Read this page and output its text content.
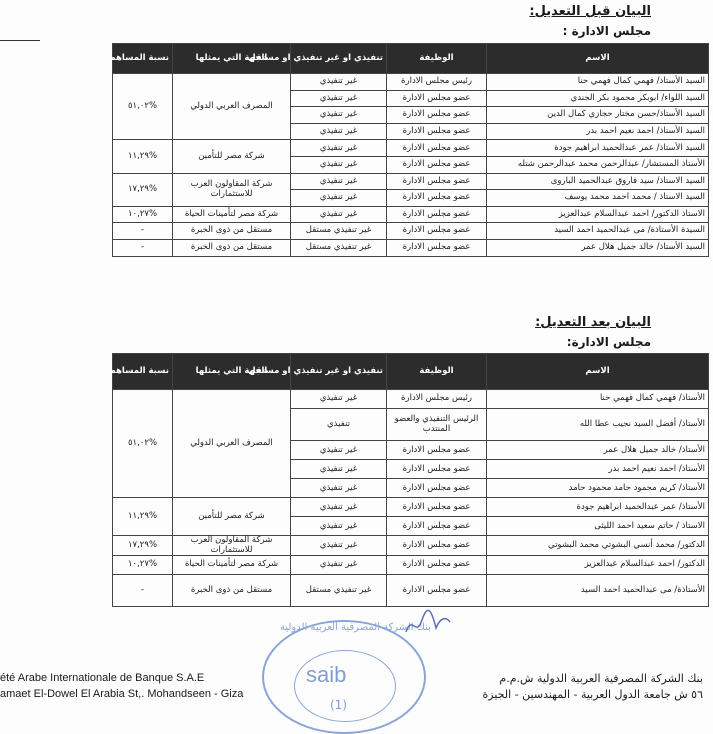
البيان قبل التعديل:
مجلس الادارة :
الاسم	الوظيفة	تنفيذي او غير تنفيذي او مستقل	الجهة التي يمثلها	نسبة المساهمة
السيد الأستاذ/ فهمي كمال فهمي حنا	رئيس مجلس الادارة	غير تنفيذي	المصرف العربي الدولي	%٥١,٠٢
السيد اللواء/ ابوبكر محمود بكر الجندي	عضو مجلس الادارة	غير تنفيذي		
السيد الأستاذ/حسن مختار حجازي كمال الدين	عضو مجلس الادارة	غير تنفيذي		
السيد الأستاذ/ احمد نعيم احمد بدر	عضو مجلس الادارة	غير تنفيذي		
السيد الأستاذ/ عمر عبدالحميد ابراهيم جودة	عضو مجلس الادارة	غير تنفيذي	شركة مصر للتأمين	%١١,٢٩
الأستاذ المستشار/ عبدالرحمن محمد عبدالرحمن شتله	عضو مجلس الادارة	غير تنفيذي		
السيد الاستاذ/ سيد فاروق عبدالحميد الباروى	عضو مجلس الادارة	غير تنفيذي	شركة المقاولون العرب للاستثمارات	%١٧,٢٩
السيد الاستاذ / محمد احمد محمد يوسف	عضو مجلس الادارة	غير تنفيذي		
الاستاذ الدكتور/ احمد عبدالسلام عبدالعزيز	عضو مجلس الادارة	غير تنفيذي	شركة مصر لتأمينات الحياة	%١٠,٢٧
السيدة الأستاذة/ مى عبدالحميد احمد السيد	عضو مجلس الادارة	غير تنفيذي مستقل	مستقل من ذوى الخبرة	-
السيد الأستاذ/ خالد جميل هلال عمر	عضو مجلس الادارة	غير تنفيذي مستقل	مستقل من ذوى الخبرة	-
البيان بعد التعديل:
مجلس الادارة:
الاسم	الوظيفة	تنفيذي او غير تنفيذي او مستقل	الجهة التي يمثلها	نسبة المساهمة
الأستاذ/ فهمي كمال فهمي حنا	رئيس مجلس الادارة	غير تنفيذي	المصرف العربي الدولي	%٥١,٠٢
الأستاذ/ أفضل السيد نجيب عطا الله	الرئيس التنفيذي والعضو المنتدب	تنفيذي		
الأستاذ/ خالد جميل هلال عمر	عضو مجلس الادارة	غير تنفيذي		
الأستاذ/ احمد نعيم احمد بدر	عضو مجلس الادارة	غير تنفيذي		
الأستاذ/ كريم محمود حامد محمود حامد	عضو مجلس الادارة	غير تنفيذي		
الأستاذ/ عمر عبدالحميد ابراهيم جودة	عضو مجلس الادارة	غير تنفيذي	شركة مصر للتأمين	%١١,٢٩
الاستاذ / حاتم سعيد احمد الليثى	عضو مجلس الادارة	غير تنفيذي		
الدكتور/ محمد أنسي البشوتي محمد البشوتي	عضو مجلس الادارة	غير تنفيذي	شركة المقاولون العرب للاستثمارات	%١٧,٢٩
الدكتور/ احمد عبدالسلام عبدالعزيز	عضو مجلس الادارة	غير تنفيذي	شركة مصر لتأمينات الحياة	%١٠,٢٧
الأستاذة/ مى عبدالحميد احمد السيد	عضو مجلس الادارة	غير تنفيذي مستقل	مستقل من ذوى الخبرة	-
بنك الشركة المصرفية العربية الدولية
saib
(1)
été Arabe Internationale de Banque S.A.E
amaet El-Dowel El Arabia St,. Mohandseen - Giza
بنك الشركة المصرفية العربية الدولية ش.م.م
٥٦ ش جامعة الدول العربية - المهندسين - الجيزة
